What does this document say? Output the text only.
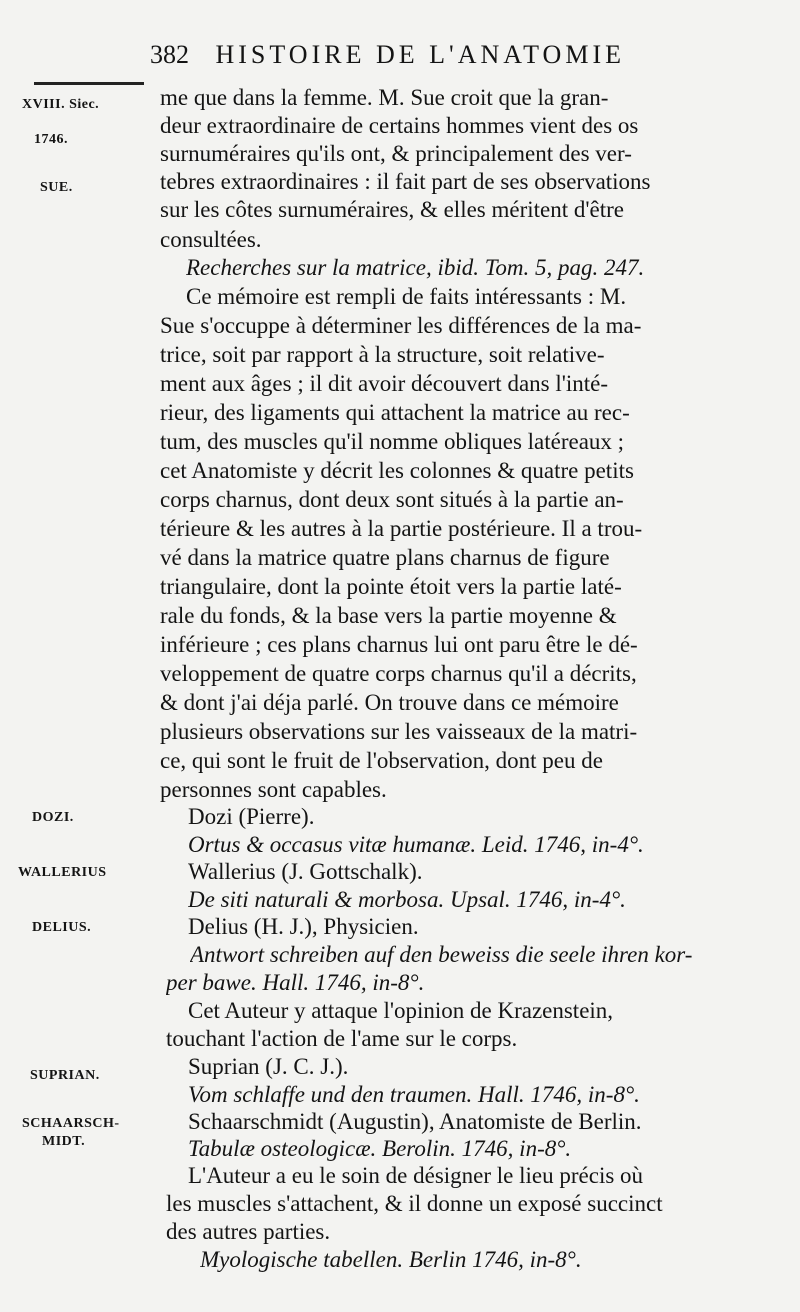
382 HISTOIRE DE L'ANATOMIE
XVIII. Siec.
1746.
SUE.
DOZI.
WALLERIUS
DELIUS.
SUPRIAN.
SCHAARSCH-
MIDT.
me que dans la femme. M. Sue croit que la gran-
deur extraordinaire de certains hommes vient des os
surnuméraires qu'ils ont, & principalement des ver-
tebres extraordinaires : il fait part de ses observations
sur les côtes surnuméraires, & elles méritent d'être
consultées.
Recherches sur la matrice, ibid. Tom. 5, pag. 247.
Ce mémoire est rempli de faits intéressants : M.
Sue s'occuppe à déterminer les différences de la ma-
trice, soit par rapport à la structure, soit relative-
ment aux âges ; il dit avoir découvert dans l'inté-
rieur, des ligaments qui attachent la matrice au rec-
tum, des muscles qu'il nomme obliques latéreaux ;
cet Anatomiste y décrit les colonnes & quatre petits
corps charnus, dont deux sont situés à la partie an-
térieure & les autres à la partie postérieure. Il a trou-
vé dans la matrice quatre plans charnus de figure
triangulaire, dont la pointe étoit vers la partie laté-
rale du fonds, & la base vers la partie moyenne &
inférieure ; ces plans charnus lui ont paru être le dé-
veloppement de quatre corps charnus qu'il a décrits,
& dont j'ai déja parlé. On trouve dans ce mémoire
plusieurs observations sur les vaisseaux de la matri-
ce, qui sont le fruit de l'observation, dont peu de
personnes sont capables.
Dozi (Pierre).
Ortus & occasus vitæ humanæ. Leid. 1746, in-4°.
Wallerius (J. Gottschalk).
De siti naturali & morbosa. Upsal. 1746, in-4°.
Delius (H. J.), Physicien.
Antwort schreiben auf den beweiss die seele ihren kor-
per bawe. Hall. 1746, in-8°.
Cet Auteur y attaque l'opinion de Krazenstein,
touchant l'action de l'ame sur le corps.
Suprian (J. C. J.).
Vom schlaffe und den traumen. Hall. 1746, in-8°.
Schaarschmidt (Augustin), Anatomiste de Berlin.
Tabulæ osteologicæ. Berolin. 1746, in-8°.
L'Auteur a eu le soin de désigner le lieu précis où
les muscles s'attachent, & il donne un exposé succinct
des autres parties.
Myologische tabellen. Berlin 1746, in-8°.
